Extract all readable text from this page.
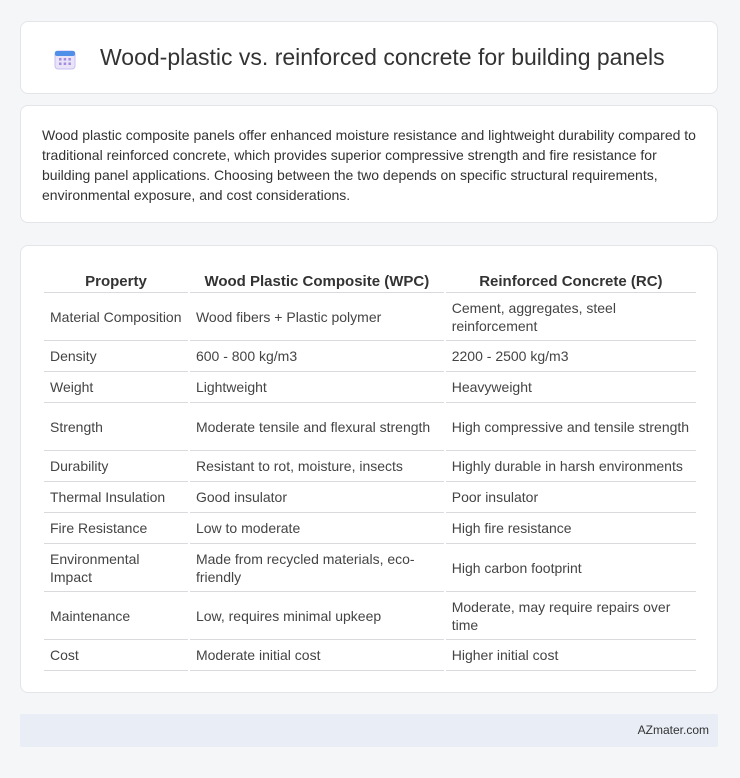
Wood-plastic vs. reinforced concrete for building panels

Wood plastic composite panels offer enhanced moisture resistance and lightweight durability compared to traditional reinforced concrete, which provides superior compressive strength and fire resistance for building panel applications. Choosing between the two depends on specific structural requirements, environmental exposure, and cost considerations.

Property	Wood Plastic Composite (WPC)	Reinforced Concrete (RC)
Material Composition	Wood fibers + Plastic polymer	Cement, aggregates, steel reinforcement
Density	600 - 800 kg/m3	2200 - 2500 kg/m3
Weight	Lightweight	Heavyweight
Strength	Moderate tensile and flexural strength	High compressive and tensile strength
Durability	Resistant to rot, moisture, insects	Highly durable in harsh environments
Thermal Insulation	Good insulator	Poor insulator
Fire Resistance	Low to moderate	High fire resistance
Environmental Impact	Made from recycled materials, eco-friendly	High carbon footprint
Maintenance	Low, requires minimal upkeep	Moderate, may require repairs over time
Cost	Moderate initial cost	Higher initial cost
AZmater.com
